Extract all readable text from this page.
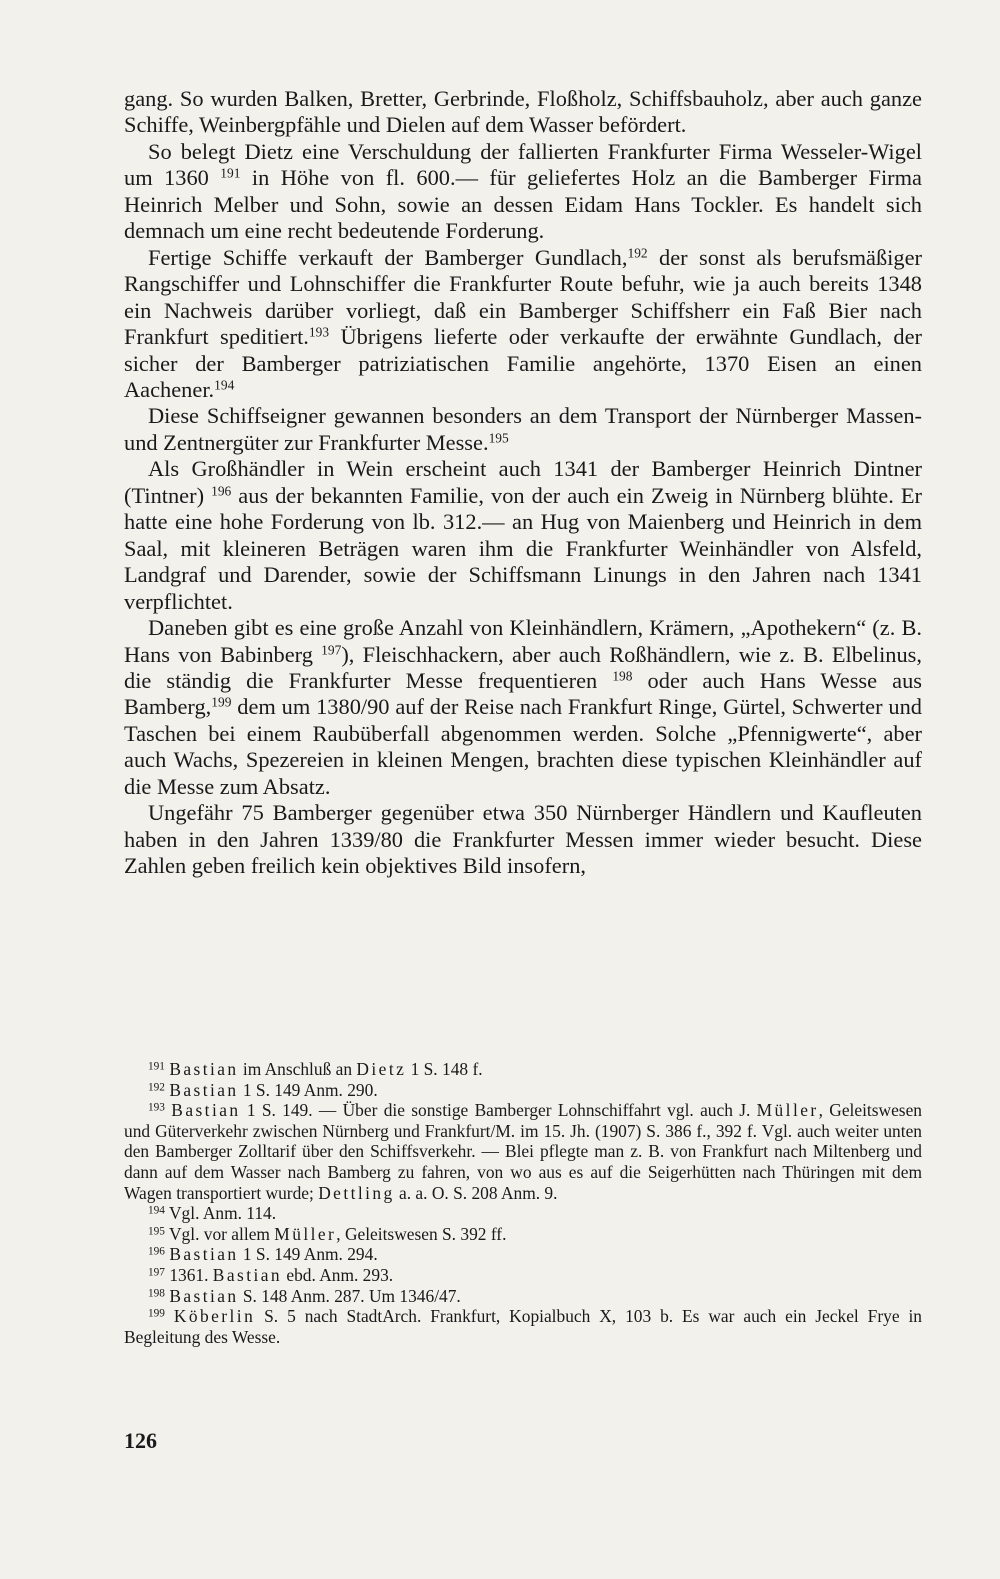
gang. So wurden Balken, Bretter, Gerbrinde, Floßholz, Schiffsbauholz, aber auch ganze Schiffe, Weinbergpfähle und Dielen auf dem Wasser befördert.

So belegt Dietz eine Verschuldung der fallierten Frankfurter Firma Wesseler-Wigel um 1360 $^{191}$ in Höhe von fl. 600.— für geliefertes Holz an die Bamberger Firma Heinrich Melber und Sohn, sowie an dessen Eidam Hans Tockler. Es handelt sich demnach um eine recht bedeutende Forderung.

Fertige Schiffe verkauft der Bamberger Gundlach,$^{192}$ der sonst als berufsmäßiger Rangschiffer und Lohnschiffer die Frankfurter Route befuhr, wie ja auch bereits 1348 ein Nachweis darüber vorliegt, daß ein Bamberger Schiffsherr ein Faß Bier nach Frankfurt speditiert.$^{193}$ Übrigens lieferte oder verkaufte der erwähnte Gundlach, der sicher der Bamberger patriziatischen Familie angehörte, 1370 Eisen an einen Aachener.$^{194}$

Diese Schiffseigner gewannen besonders an dem Transport der Nürnberger Massen- und Zentnergüter zur Frankfurter Messe.$^{195}$

Als Großhändler in Wein erscheint auch 1341 der Bamberger Heinrich Dintner (Tintner) $^{196}$ aus der bekannten Familie, von der auch ein Zweig in Nürnberg blühte. Er hatte eine hohe Forderung von lb. 312.— an Hug von Maienberg und Heinrich in dem Saal, mit kleineren Beträgen waren ihm die Frankfurter Weinhändler von Alsfeld, Landgraf und Darender, sowie der Schiffsmann Linungs in den Jahren nach 1341 verpflichtet.

Daneben gibt es eine große Anzahl von Kleinhändlern, Krämern, „Apothekern“ (z. B. Hans von Babinberg $^{197}$), Fleischhackern, aber auch Roßhändlern, wie z. B. Elbelinus, die ständig die Frankfurter Messe frequentieren $^{198}$ oder auch Hans Wesse aus Bamberg,$^{199}$ dem um 1380/90 auf der Reise nach Frankfurt Ringe, Gürtel, Schwerter und Taschen bei einem Raubüberfall abgenommen werden. Solche „Pfennigwerte“, aber auch Wachs, Spezereien in kleinen Mengen, brachten diese typischen Kleinhändler auf die Messe zum Absatz.

Ungefähr 75 Bamberger gegenüber etwa 350 Nürnberger Händlern und Kaufleuten haben in den Jahren 1339/80 die Frankfurter Messen immer wieder besucht. Diese Zahlen geben freilich kein objektives Bild insofern,

$^{191}$ Bastian im Anschluß an Dietz 1 S. 148 f.

$^{192}$ Bastian 1 S. 149 Anm. 290.

$^{193}$ Bastian 1 S. 149. — Über die sonstige Bamberger Lohnschiffahrt vgl. auch J. Müller, Geleitswesen und Güterverkehr zwischen Nürnberg und Frankfurt/M. im 15. Jh. (1907) S. 386 f., 392 f. Vgl. auch weiter unten den Bamberger Zolltarif über den Schiffsverkehr. — Blei pflegte man z. B. von Frankfurt nach Miltenberg und dann auf dem Wasser nach Bamberg zu fahren, von wo aus es auf die Seigerhütten nach Thüringen mit dem Wagen transportiert wurde; Dettling a. a. O. S. 208 Anm. 9.

$^{194}$ Vgl. Anm. 114.

$^{195}$ Vgl. vor allem Müller, Geleitswesen S. 392 ff.

$^{196}$ Bastian 1 S. 149 Anm. 294.

$^{197}$ 1361. Bastian ebd. Anm. 293.

$^{198}$ Bastian S. 148 Anm. 287. Um 1346/47.

$^{199}$ Köberlin S. 5 nach StadtArch. Frankfurt, Kopialbuch X, 103 b. Es war auch ein Jeckel Frye in Begleitung des Wesse.

126
